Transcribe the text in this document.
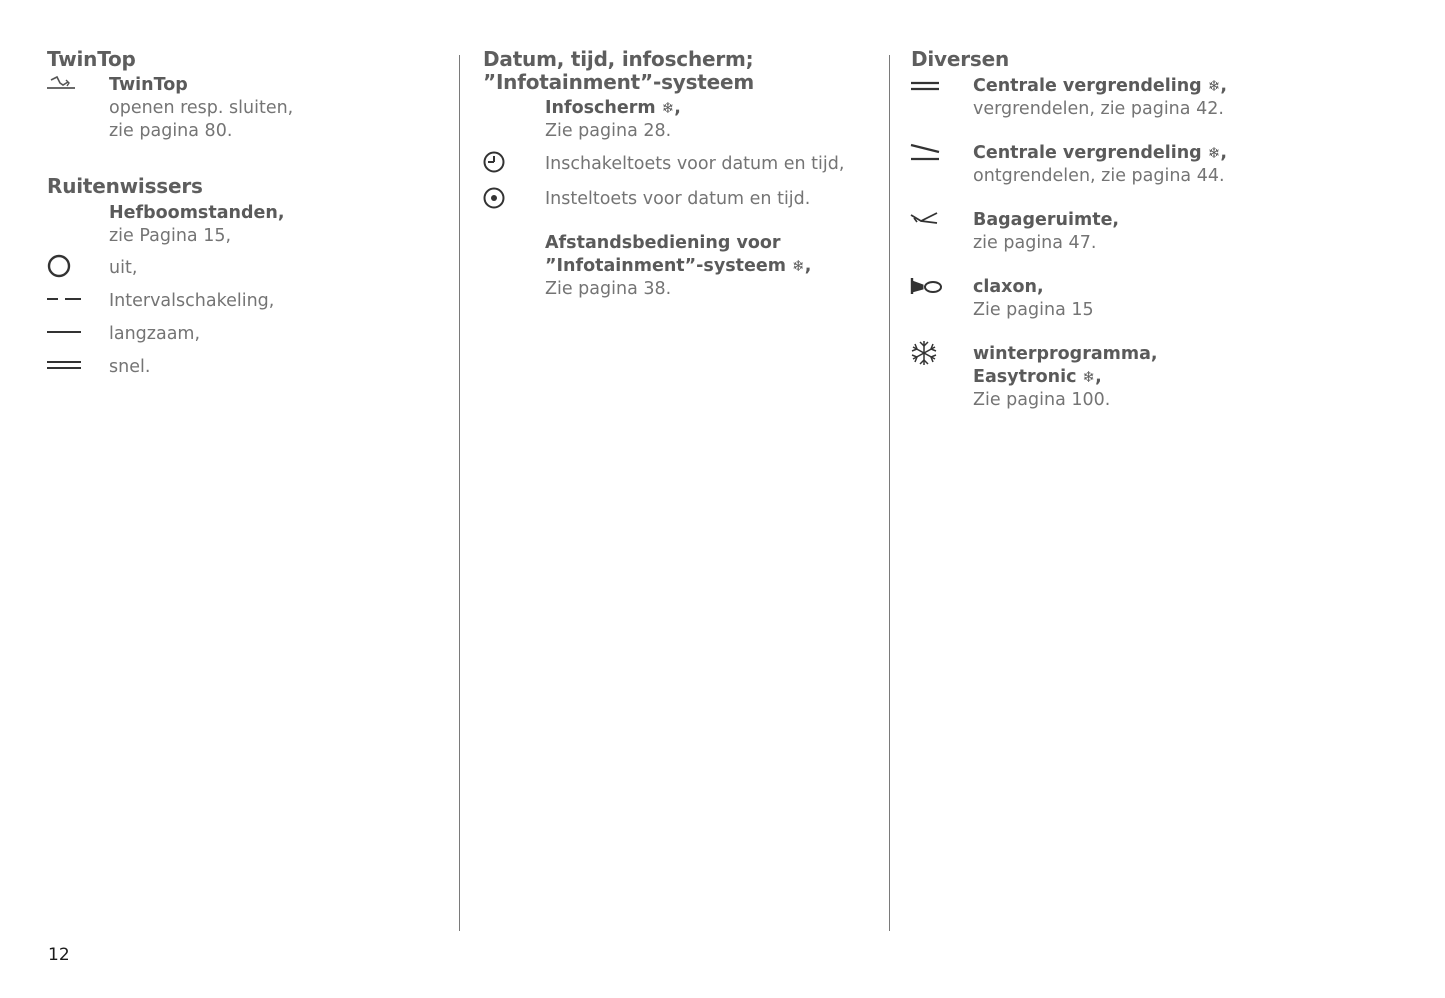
TwinTop
TwinTop
openen resp. sluiten,
zie pagina 80.
Ruitenwissers
Hefboomstanden,
zie Pagina 15,
uit,
Intervalschakeling,
langzaam,
snel.
Datum, tijd, infoscherm;
”Infotainment”-systeem
Infoscherm ❄,
Zie pagina 28.
Inschakeltoets voor datum en tijd,
Insteltoets voor datum en tijd.
Afstandsbediening voor
”Infotainment”-systeem ❄,
Zie pagina 38.
Diversen
Centrale vergrendeling ❄,
vergrendelen, zie pagina 42.
Centrale vergrendeling ❄,
ontgrendelen, zie pagina 44.
Bagageruimte,
zie pagina 47.
claxon,
Zie pagina 15
winterprogramma,
Easytronic ❄,
Zie pagina 100.
12
